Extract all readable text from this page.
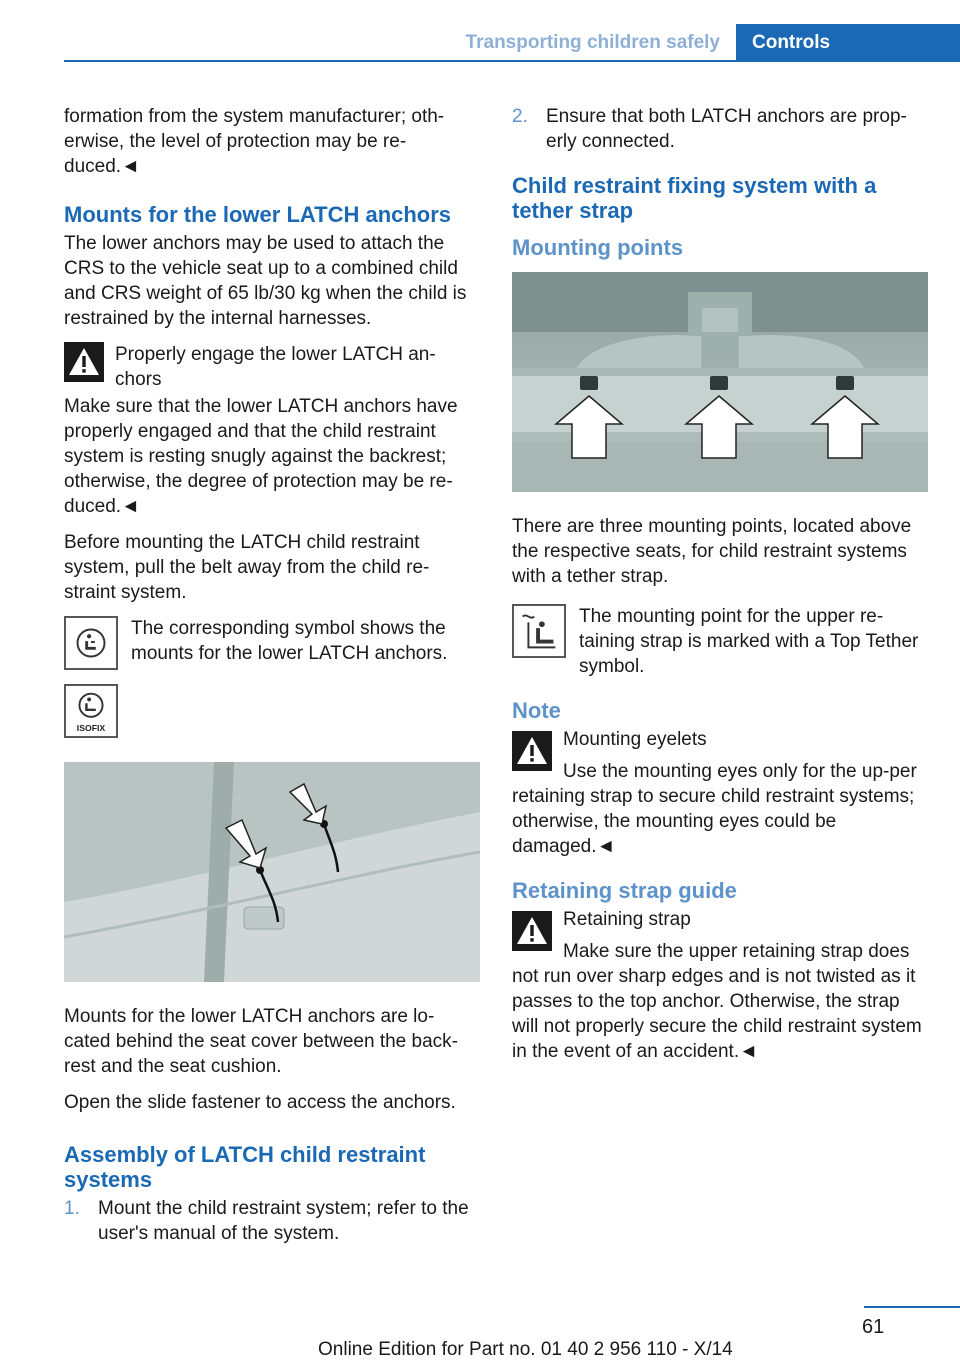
Transporting children safely	Controls

formation from the system manufacturer; oth-erwise, the level of protection may be re-duced.◄

Mounts for the lower LATCH anchors

The lower anchors may be used to attach the CRS to the vehicle seat up to a combined child and CRS weight of 65 lb/30 kg when the child is restrained by the internal harnesses.

Properly engage the lower LATCH an-chors

Make sure that the lower LATCH anchors have properly engaged and that the child restraint system is resting snugly against the backrest; otherwise, the degree of protection may be re-duced.◄

Before mounting the LATCH child restraint system, pull the belt away from the child re-straint system.

The corresponding symbol shows the mounts for the lower LATCH anchors.

ISOFIX

Mounts for the lower LATCH anchors are lo-cated behind the seat cover between the back-rest and the seat cushion.

Open the slide fastener to access the anchors.

Assembly of LATCH child restraint systems
1. Mount the child restraint system; refer to the user's manual of the system.
2. Ensure that both LATCH anchors are prop-erly connected.
Child restraint fixing system with a tether strap
Mounting points

There are three mounting points, located above the respective seats, for child restraint systems with a tether strap.

The mounting point for the upper re-taining strap is marked with a Top Tether symbol.

Note
Mounting eyelets

Use the mounting eyes only for the up-per retaining strap to secure child restraint systems; otherwise, the mounting eyes could be damaged.◄

Retaining strap guide
Retaining strap

Make sure the upper retaining strap does not run over sharp edges and is not twisted as it passes to the top anchor. Otherwise, the strap will not properly secure the child restraint system in the event of an accident.◄

61
Online Edition for Part no. 01 40 2 956 110 - X/14
